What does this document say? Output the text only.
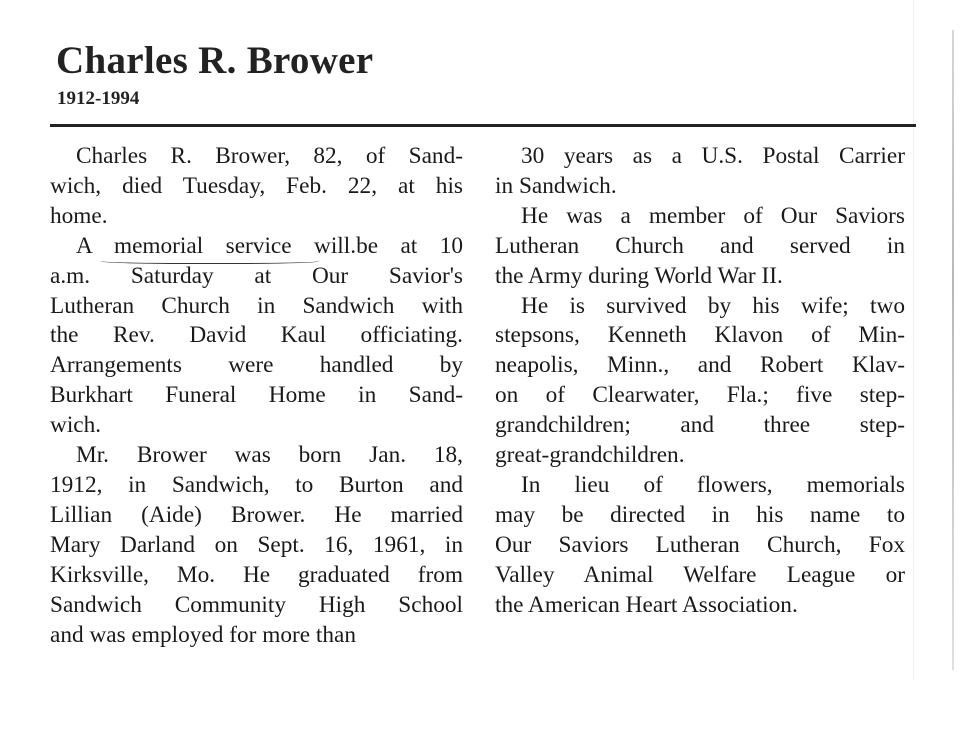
Charles R. Brower
1912-1994
Charles R. Brower, 82, of Sand-
wich, died Tuesday, Feb. 22, at his
home.
A memorial service will.be at 10
a.m. Saturday at Our Savior's
Lutheran Church in Sandwich with
the Rev. David Kaul officiating.
Arrangements were handled by
Burkhart Funeral Home in Sand-
wich.
Mr. Brower was born Jan. 18,
1912, in Sandwich, to Burton and
Lillian (Aide) Brower. He married
Mary Darland on Sept. 16, 1961, in
Kirksville, Mo. He graduated from
Sandwich Community High School
and was employed for more than
30 years as a U.S. Postal Carrier
in Sandwich.
He was a member of Our Saviors
Lutheran Church and served in
the Army during World War II.
He is survived by his wife; two
stepsons, Kenneth Klavon of Min-
neapolis, Minn., and Robert Klav-
on of Clearwater, Fla.; five step-
grandchildren; and three step-
great-grandchildren.
In lieu of flowers, memorials
may be directed in his name to
Our Saviors Lutheran Church, Fox
Valley Animal Welfare League or
the American Heart Association.
